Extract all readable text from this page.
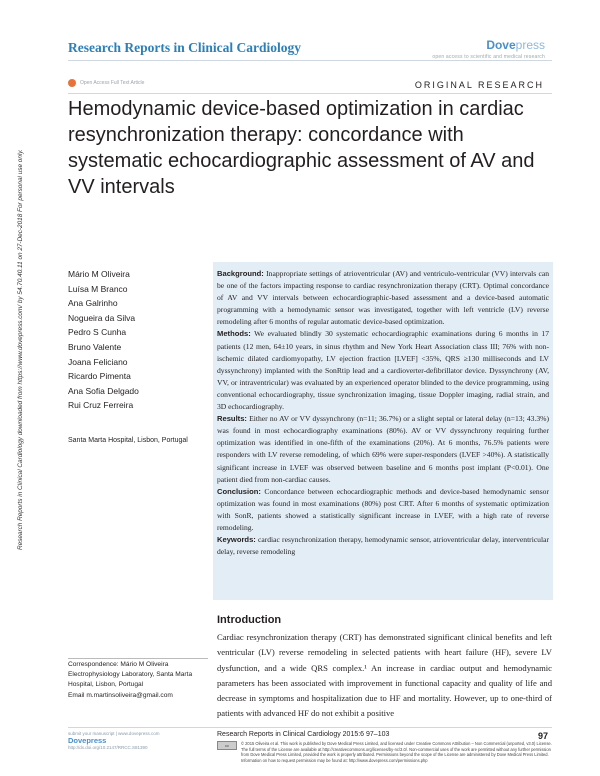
Research Reports in Clinical Cardiology	Dovepress
open access to scientific and medical research
Open Access Full Text Article	ORIGINAL RESEARCH
Research Reports in Clinical Cardiology downloaded from https://www.dovepress.com/ by 54.70.40.11 on 27-Dec-2018 For personal use only.
Hemodynamic device-based optimization in cardiac resynchronization therapy: concordance with systematic echocardiographic assessment of AV and VV intervals
Mário M Oliveira
Luísa M Branco
Ana Galrinho
Nogueira da Silva
Pedro S Cunha
Bruno Valente
Joana Feliciano
Ricardo Pimenta
Ana Sofia Delgado
Rui Cruz Ferreira
Santa Marta Hospital, Lisbon, Portugal

Background: Inappropriate settings of atrioventricular (AV) and ventriculo-ventricular (VV) intervals can be one of the factors impacting response to cardiac resynchronization therapy (CRT). Optimal concordance of AV and VV intervals between echocardiographic-based assessment and a device-based automatic programming with a hemodynamic sensor was investigated, together with left ventricle (LV) reverse remodeling after 6 months of regular automatic device-based optimization.

Methods: We evaluated blindly 30 systematic echocardiographic examinations during 6 months in 17 patients (12 men, 64±10 years, in sinus rhythm and New York Heart Association class III; 76% with non-ischemic dilated cardiomyopathy, LV ejection fraction [LVEF] <35%, QRS ≥130 milliseconds and LV dyssynchrony) implanted with the SonRtip lead and a cardioverter-defibrillator device. Dyssynchrony (AV, VV, or intraventricular) was evaluated by an experienced operator blinded to the device programming, using conventional echocardiography, tissue synchronization imaging, tissue Doppler imaging, radial strain, and 3D echocardiography.

Results: Either no AV or VV dyssynchrony (n=11; 36.7%) or a slight septal or lateral delay (n=13; 43.3%) was found in most echocardiography examinations (80%). AV or VV dyssynchrony requiring further optimization was identified in one-fifth of the examinations (20%). At 6 months, 76.5% patients were responders with LV reverse remodeling, of which 69% were super-responders (LVEF >40%). A statistically significant increase in LVEF was observed between baseline and 6 months post implant (P<0.01). One patient died from non-cardiac causes.

Conclusion: Concordance between echocardiographic methods and device-based hemodynamic sensor optimization was found in most examinations (80%) post CRT. After 6 months of systematic optimization with SonR, patients showed a statistically significant increase in LVEF, with a high rate of reverse remodeling.

Keywords: cardiac resynchronization therapy, hemodynamic sensor, atrioventricular delay, interventricular delay, reverse remodeling

Introduction
Cardiac resynchronization therapy (CRT) has demonstrated significant clinical benefits and left ventricular (LV) reverse remodeling in selected patients with heart failure (HF), severe LV dysfunction, and a wide QRS complex.¹ An increase in cardiac output and hemodynamic parameters has been associated with improvement in functional capacity and quality of life and decrease in symptoms and hospitalization due to HF and mortality. However, up to one-third of patients with advanced HF do not exhibit a positive
Correspondence: Mário M Oliveira
Electrophysiology Laboratory, Santa Marta Hospital, Lisbon, Portugal
Email m.martinsoliveira@gmail.com
submit your manuscript | www.dovepress.com
Dovepress
http://dx.doi.org/10.2147/RRCC.S81390
Research Reports in Clinical Cardiology 2015:6 97–103	97
cc	© 2015 Oliveira et al. This work is published by Dove Medical Press Limited, and licensed under Creative Commons Attribution – Non Commercial (unported, v3.0) License. The full terms of the License are available at http://creativecommons.org/licenses/by-nc/3.0/. Non-commercial uses of the work are permitted without any further permission from Dove Medical Press Limited, provided the work is properly attributed. Permissions beyond the scope of the License are administered by Dove Medical Press Limited. Information on how to request permission may be found at: http://www.dovepress.com/permissions.php
